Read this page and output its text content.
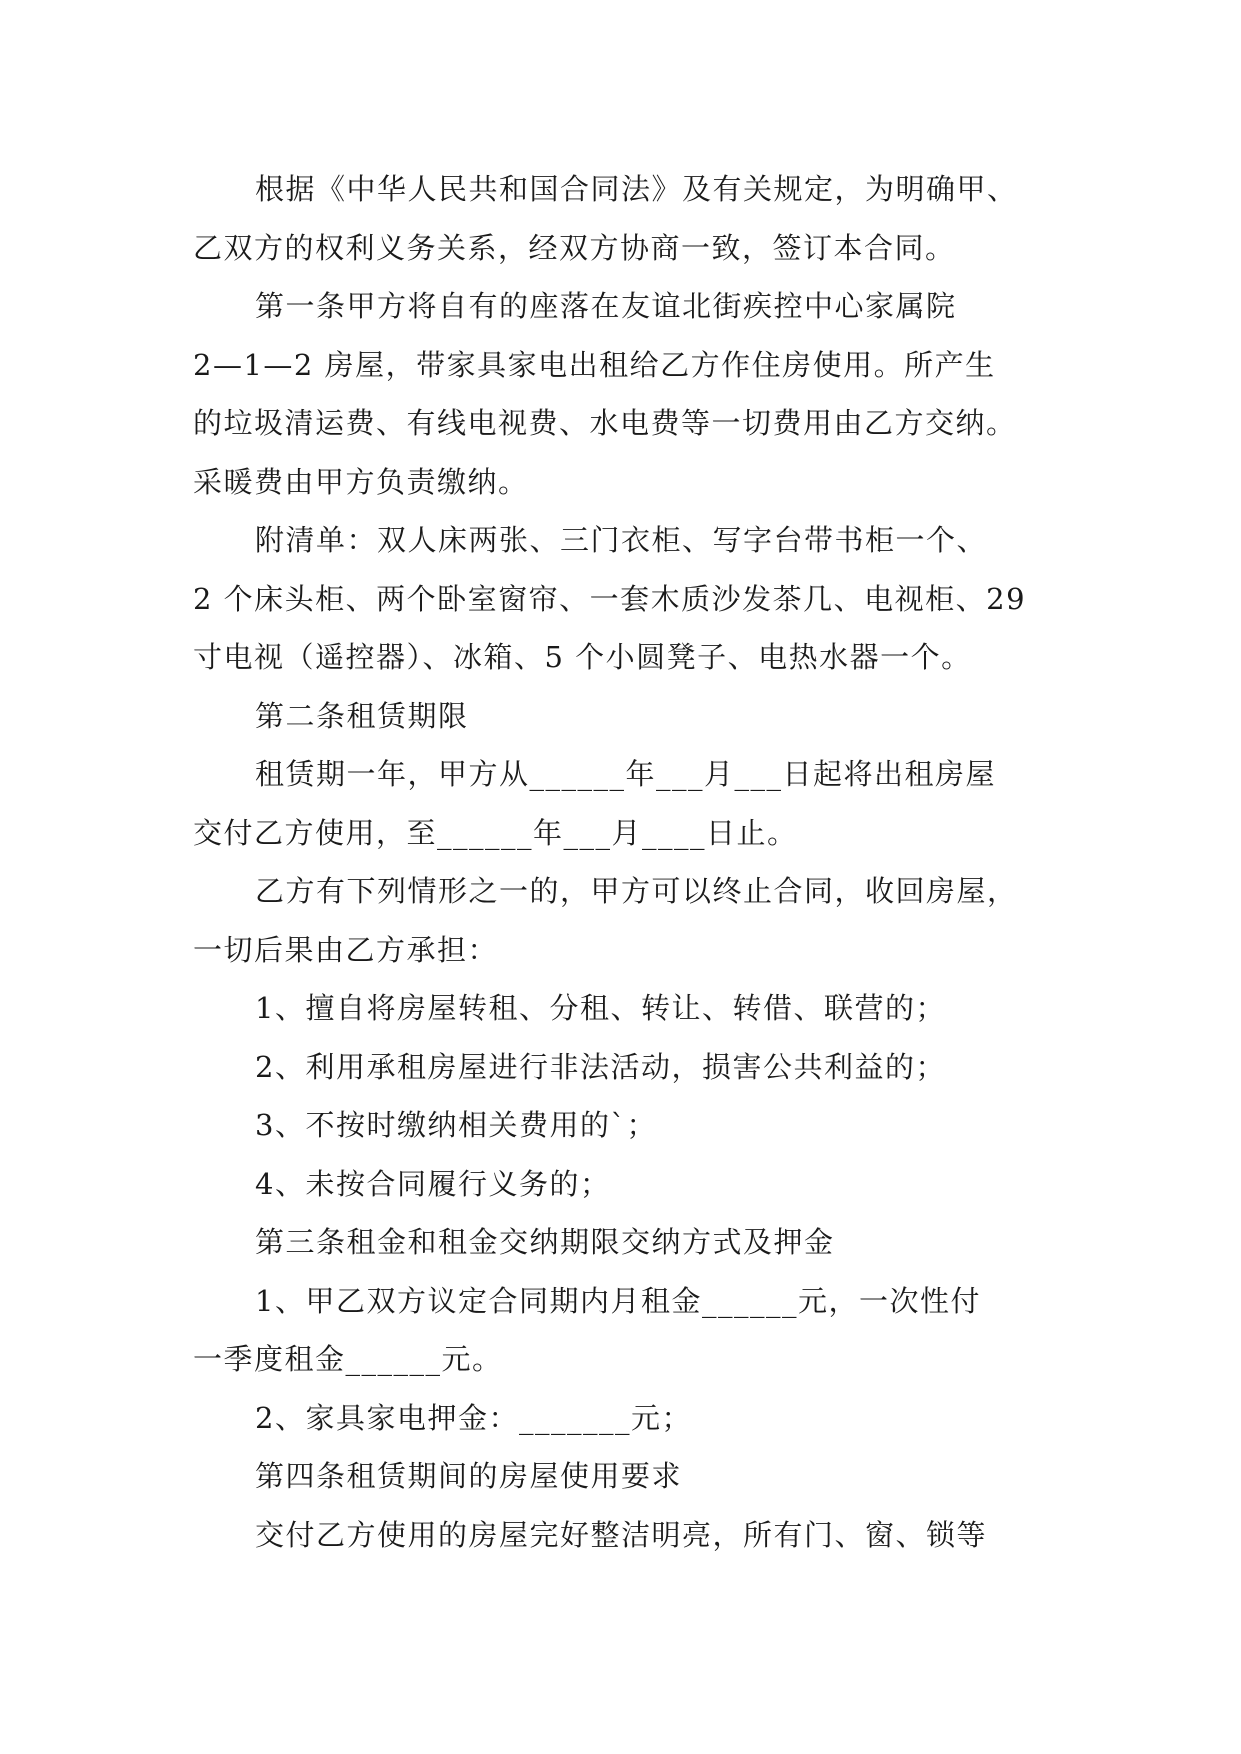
根据《中华人民共和国合同法》及有关规定，为明确甲、
乙双方的权利义务关系，经双方协商一致，签订本合同。
第一条甲方将自有的座落在友谊北街疾控中心家属院
2—1—2 房屋，带家具家电出租给乙方作住房使用。所产生
的垃圾清运费、有线电视费、水电费等一切费用由乙方交纳。
采暖费由甲方负责缴纳。
附清单：双人床两张、三门衣柜、写字台带书柜一个、
2 个床头柜、两个卧室窗帘、一套木质沙发茶几、电视柜、29
寸电视（遥控器）、冰箱、5 个小圆凳子、电热水器一个。
第二条租赁期限
租赁期一年，甲方从______年___月___日起将出租房屋
交付乙方使用，至______年___月____日止。
乙方有下列情形之一的，甲方可以终止合同，收回房屋，
一切后果由乙方承担：
1、擅自将房屋转租、分租、转让、转借、联营的；
2、利用承租房屋进行非法活动，损害公共利益的；
3、不按时缴纳相关费用的`；
4、未按合同履行义务的；
第三条租金和租金交纳期限交纳方式及押金
1、甲乙双方议定合同期内月租金______元，一次性付
一季度租金______元。
2、家具家电押金：_______元；
第四条租赁期间的房屋使用要求
交付乙方使用的房屋完好整洁明亮，所有门、窗、锁等
